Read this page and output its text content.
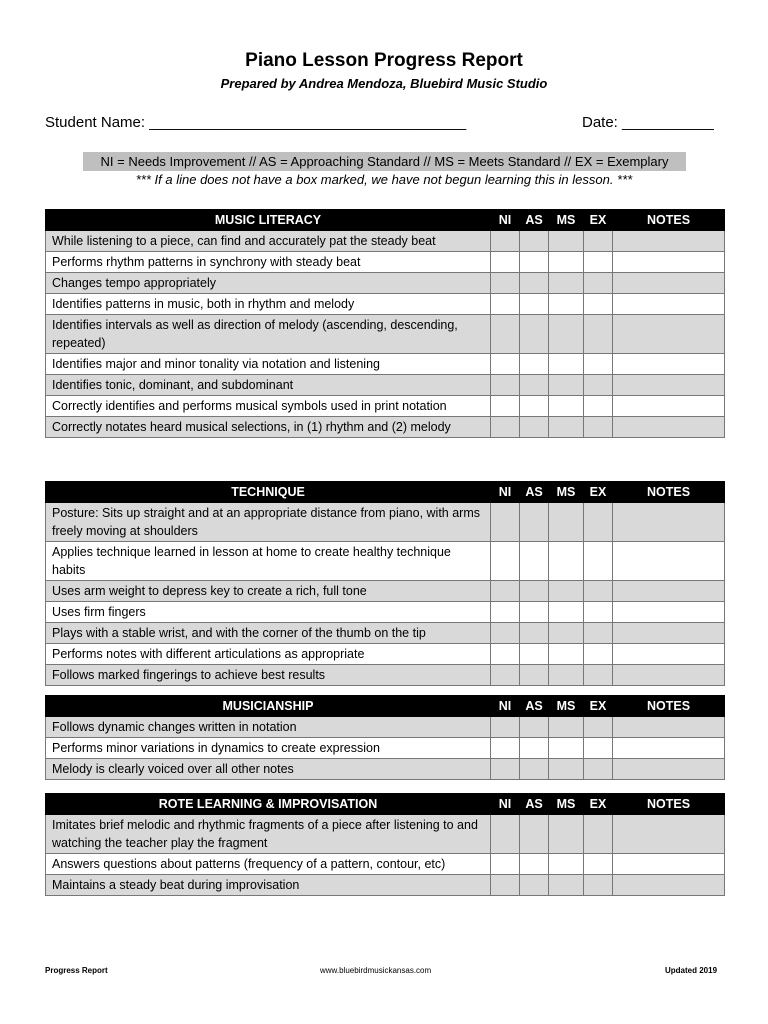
Piano Lesson Progress Report
Prepared by Andrea Mendoza, Bluebird Music Studio
Student Name: ______________________________________	Date: ___________
NI = Needs Improvement // AS = Approaching Standard // MS = Meets Standard // EX = Exemplary
*** If a line does not have a box marked, we have not begun learning this in lesson. ***
MUSIC LITERACY	NI	AS	MS	EX	NOTES
While listening to a piece, can find and accurately pat the steady beat					
Performs rhythm patterns in synchrony with steady beat					
Changes tempo appropriately					
Identifies patterns in music, both in rhythm and melody					
Identifies intervals as well as direction of melody (ascending, descending, repeated)					
Identifies major and minor tonality via notation and listening					
Identifies tonic, dominant, and subdominant					
Correctly identifies and performs musical symbols used in print notation					
Correctly notates heard musical selections, in (1) rhythm and (2) melody					
TECHNIQUE	NI	AS	MS	EX	NOTES
Posture: Sits up straight and at an appropriate distance from piano, with arms freely moving at shoulders					
Applies technique learned in lesson at home to create healthy technique habits					
Uses arm weight to depress key to create a rich, full tone					
Uses firm fingers					
Plays with a stable wrist, and with the corner of the thumb on the tip					
Performs notes with different articulations as appropriate					
Follows marked fingerings to achieve best results					
MUSICIANSHIP	NI	AS	MS	EX	NOTES
Follows dynamic changes written in notation					
Performs minor variations in dynamics to create expression					
Melody is clearly voiced over all other notes					
ROTE LEARNING & IMPROVISATION	NI	AS	MS	EX	NOTES
Imitates brief melodic and rhythmic fragments of a piece after listening to and watching the teacher play the fragment					
Answers questions about patterns (frequency of a pattern, contour, etc)					
Maintains a steady beat during improvisation					
Progress Report	www.bluebirdmusickansas.com	Updated 2019
